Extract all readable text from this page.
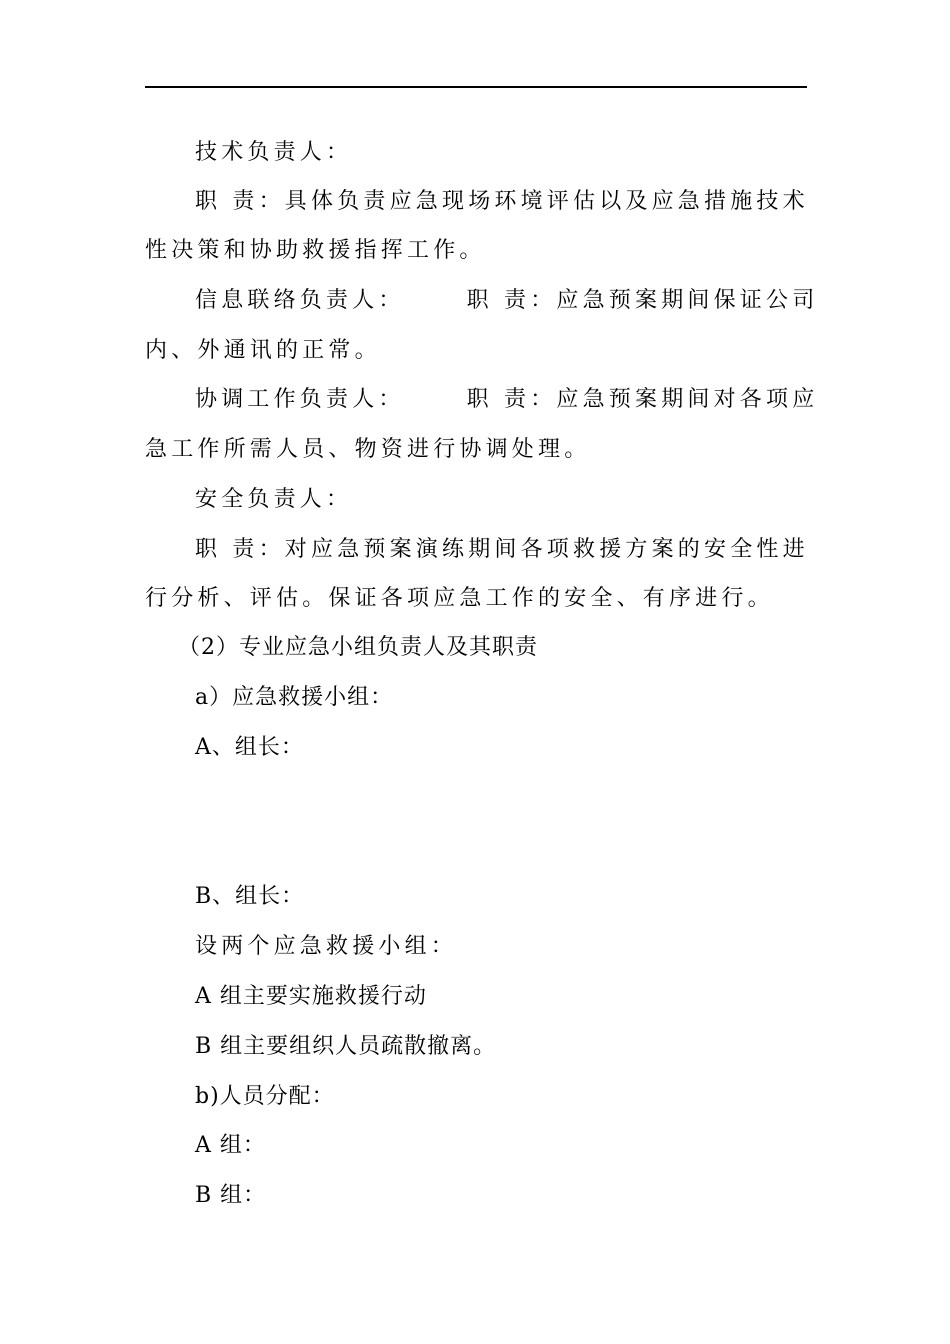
技术负责人：

职 责：具体负责应急现场环境评估以及应急措施技术

性决策和协助救援指挥工作。

信息联络负责人：	职 责：应急预案期间保证公司

内、外通讯的正常。

协调工作负责人：	职 责：应急预案期间对各项应

急工作所需人员、物资进行协调处理。

安全负责人：

职 责：对应急预案演练期间各项救援方案的安全性进

行分析、评估。保证各项应急工作的安全、有序进行。

（2）专业应急小组负责人及其职责

a）应急救援小组：

A、组长：

B、组长：

设两个应急救援小组：

A 组主要实施救援行动

B 组主要组织人员疏散撤离。

b)人员分配：

A 组：

B 组：
